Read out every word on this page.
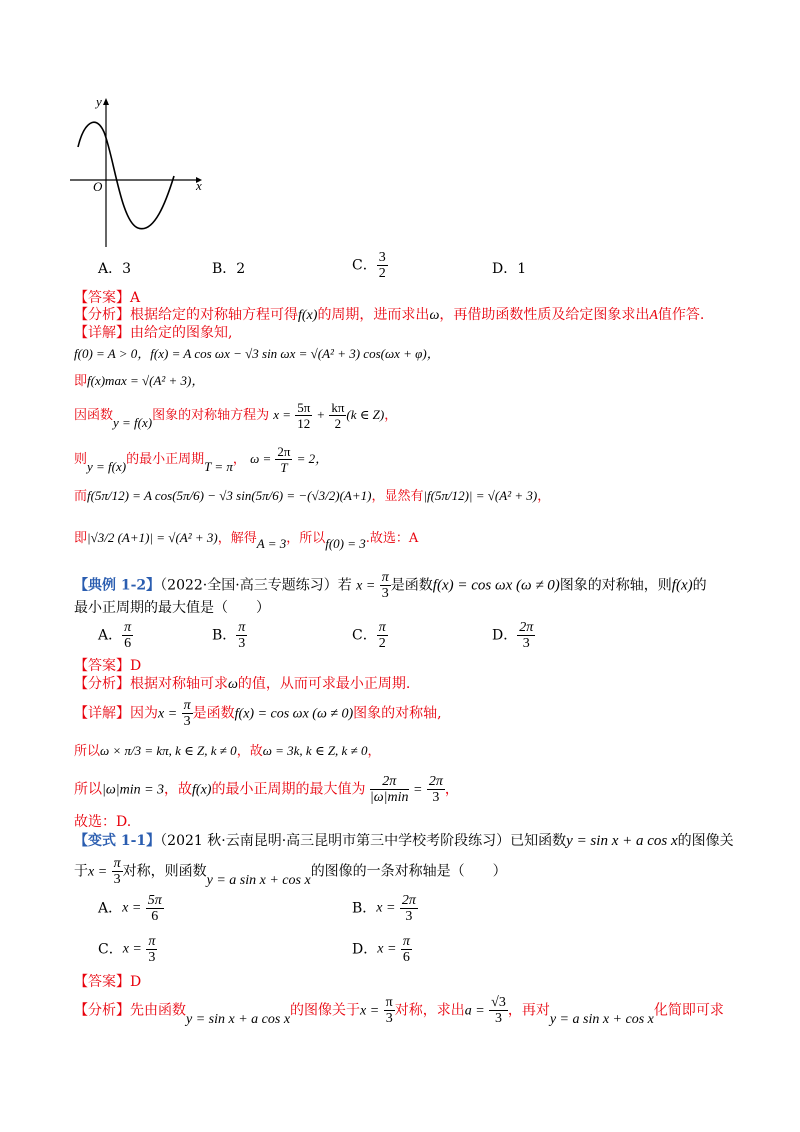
x
y
O
A．3	B．2	C． $\frac{3}{2}$	D．1
【答案】A
【分析】根据给定的对称轴方程可得f(x)的周期，进而求出ω，再借助函数性质及给定图象求出A值作答.
【详解】由给定的图象知,
f(0) = A > 0，f(x) = A cos ωx − √3 sin ωx = √(A² + 3) cos(ωx + φ)，
即f(x)max = √(A² + 3)，
因函数y = f(x)图象的对称轴方程为 $x = \frac{5\pi}{12} + \frac{k\pi}{2} (k$ ∈ Z)，
则y = f(x)的最小正周期T = π， $\omega = \frac{2\pi}{T} = 2$，
而f(5π/12) = A cos(5π/6) − √3 sin(5π/6) = −(√3/2)(A+1)，显然有|f(5π/12)| = √(A² + 3)，
即|√3/2 (A+1)| = √(A² + 3)，解得A = 3，所以f(0) = 3.故选：A
【典例 1-2】（2022·全国·高三专题练习）若 $x = \frac{\pi}{3}$ 是函数f(x) = cos ωx (ω ≠ 0)图象的对称轴，则f(x)的
最小正周期的最大值是（　　）
A． $\frac{\pi}{6}$	B． $\frac{\pi}{3}$	C． $\frac{\pi}{2}$	D． $\frac{2\pi}{3}$
【答案】D
【分析】根据对称轴可求ω的值，从而可求最小正周期.
【详解】因为$x = \frac{\pi}{3}$ 是函数f(x) = cos ωx (ω ≠ 0)图象的对称轴,
所以ω × π/3 = kπ, k ∈ Z, k ≠ 0，故ω = 3k, k ∈ Z, k ≠ 0，
所以|ω|min = 3，故f(x)的最小正周期的最大值为 $\frac{2\pi}{|\omega|\min} = \frac{2\pi}{3}$ ，
故选：D.
【变式 1-1】（2021 秋·云南昆明·高三昆明市第三中学校考阶段练习）已知函数y = sin x + a cos x的图像关
于$x = \frac{\pi}{3}$ 对称，则函数y = a sin x + cos x的图像的一条对称轴是（　　）
A．$x = \frac{5\pi}{6}$	B．$x = \frac{2\pi}{3}$
C．$x = \frac{\pi}{3}$	D．$x = \frac{\pi}{6}$
【答案】D
【分析】先由函数y = sin x + a cos x的图像关于$x = \frac{\pi}{3}$ 对称，求出$a = \frac{√3}{3}$ ，再对y = a sin x + cos x化简即可求
